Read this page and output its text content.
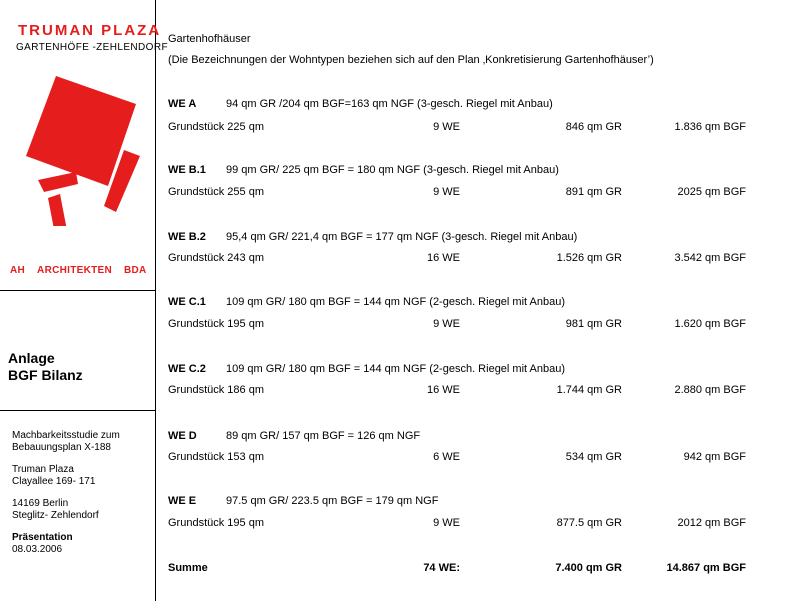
TRUMAN PLAZA
GARTENHÖFE -ZEHLENDORF
AH ARCHITEKTEN BDA
Anlage
BGF Bilanz
Machbarkeitsstudie zum
Bebauungsplan X-188
Truman Plaza
Clayallee 169- 171
14169 Berlin
Steglitz- Zehlendorf
Präsentation
08.03.2006
Gartenhofhäuser
(Die Bezeichnungen der Wohntypen beziehen sich auf den Plan ‚Konkretisierung Gartenhofhäuser’)
WE A	94 qm GR /204 qm BGF=163 qm NGF (3-gesch. Riegel mit Anbau)
Grundstück 225 qm	9 WE	846 qm GR	1.836 qm BGF
WE B.1 99 qm GR/ 225 qm BGF = 180 qm NGF (3-gesch. Riegel mit Anbau)
Grundstück 255 qm	9 WE	891 qm GR	2025 qm BGF
WE B.2 95,4 qm GR/ 221,4 qm BGF = 177 qm NGF (3-gesch. Riegel mit Anbau)
Grundstück 243 qm	16 WE	1.526 qm GR	3.542 qm BGF
WE C.1 109 qm GR/ 180 qm BGF = 144 qm NGF (2-gesch. Riegel mit Anbau)
Grundstück 195 qm	9 WE	981 qm GR	1.620 qm BGF
WE C.2 109 qm GR/ 180 qm BGF = 144 qm NGF (2-gesch. Riegel mit Anbau)
Grundstück 186 qm	16 WE	1.744 qm GR	2.880 qm BGF
WE D	89 qm GR/ 157 qm BGF = 126 qm NGF
Grundstück 153 qm	6 WE	534 qm GR	942 qm BGF
WE E	97.5 qm GR/ 223.5 qm BGF = 179 qm NGF
Grundstück 195 qm	9 WE	877.5 qm GR	2012 qm BGF
Summe	74 WE:	7.400 qm GR	14.867 qm BGF
